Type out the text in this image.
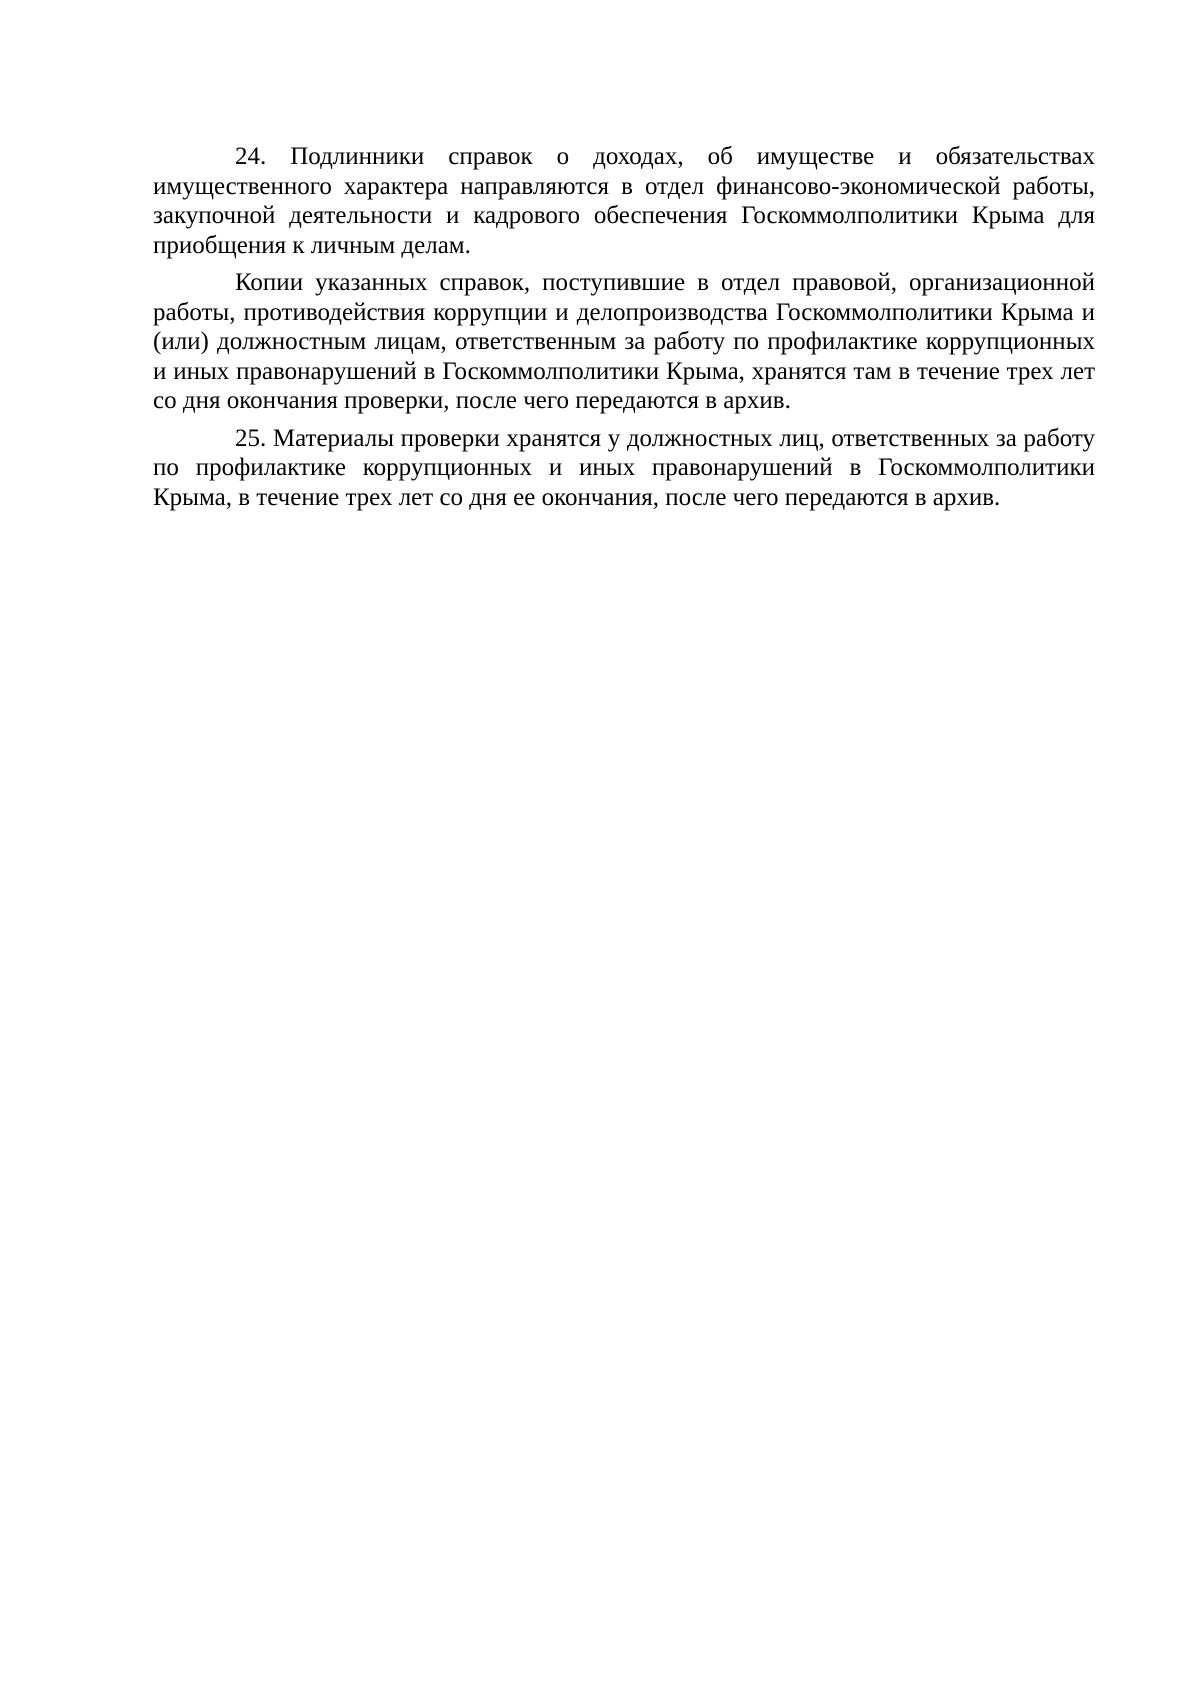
24. Подлинники справок о доходах, об имуществе и обязательствах имущественного характера направляются в отдел финансово-экономической работы, закупочной деятельности и кадрового обеспечения Госкоммолполитики Крыма для приобщения к личным делам.

Копии указанных справок, поступившие в отдел правовой, организационной работы, противодействия коррупции и делопроизводства Госкоммолполитики Крыма и (или) должностным лицам, ответственным за работу по профилактике коррупционных и иных правонарушений в Госкоммолполитики Крыма, хранятся там в течение трех лет со дня окончания проверки, после чего передаются в архив.

25. Материалы проверки хранятся у должностных лиц, ответственных за работу по профилактике коррупционных и иных правонарушений в Госкоммолполитики Крыма, в течение трех лет со дня ее окончания, после чего передаются в архив.
